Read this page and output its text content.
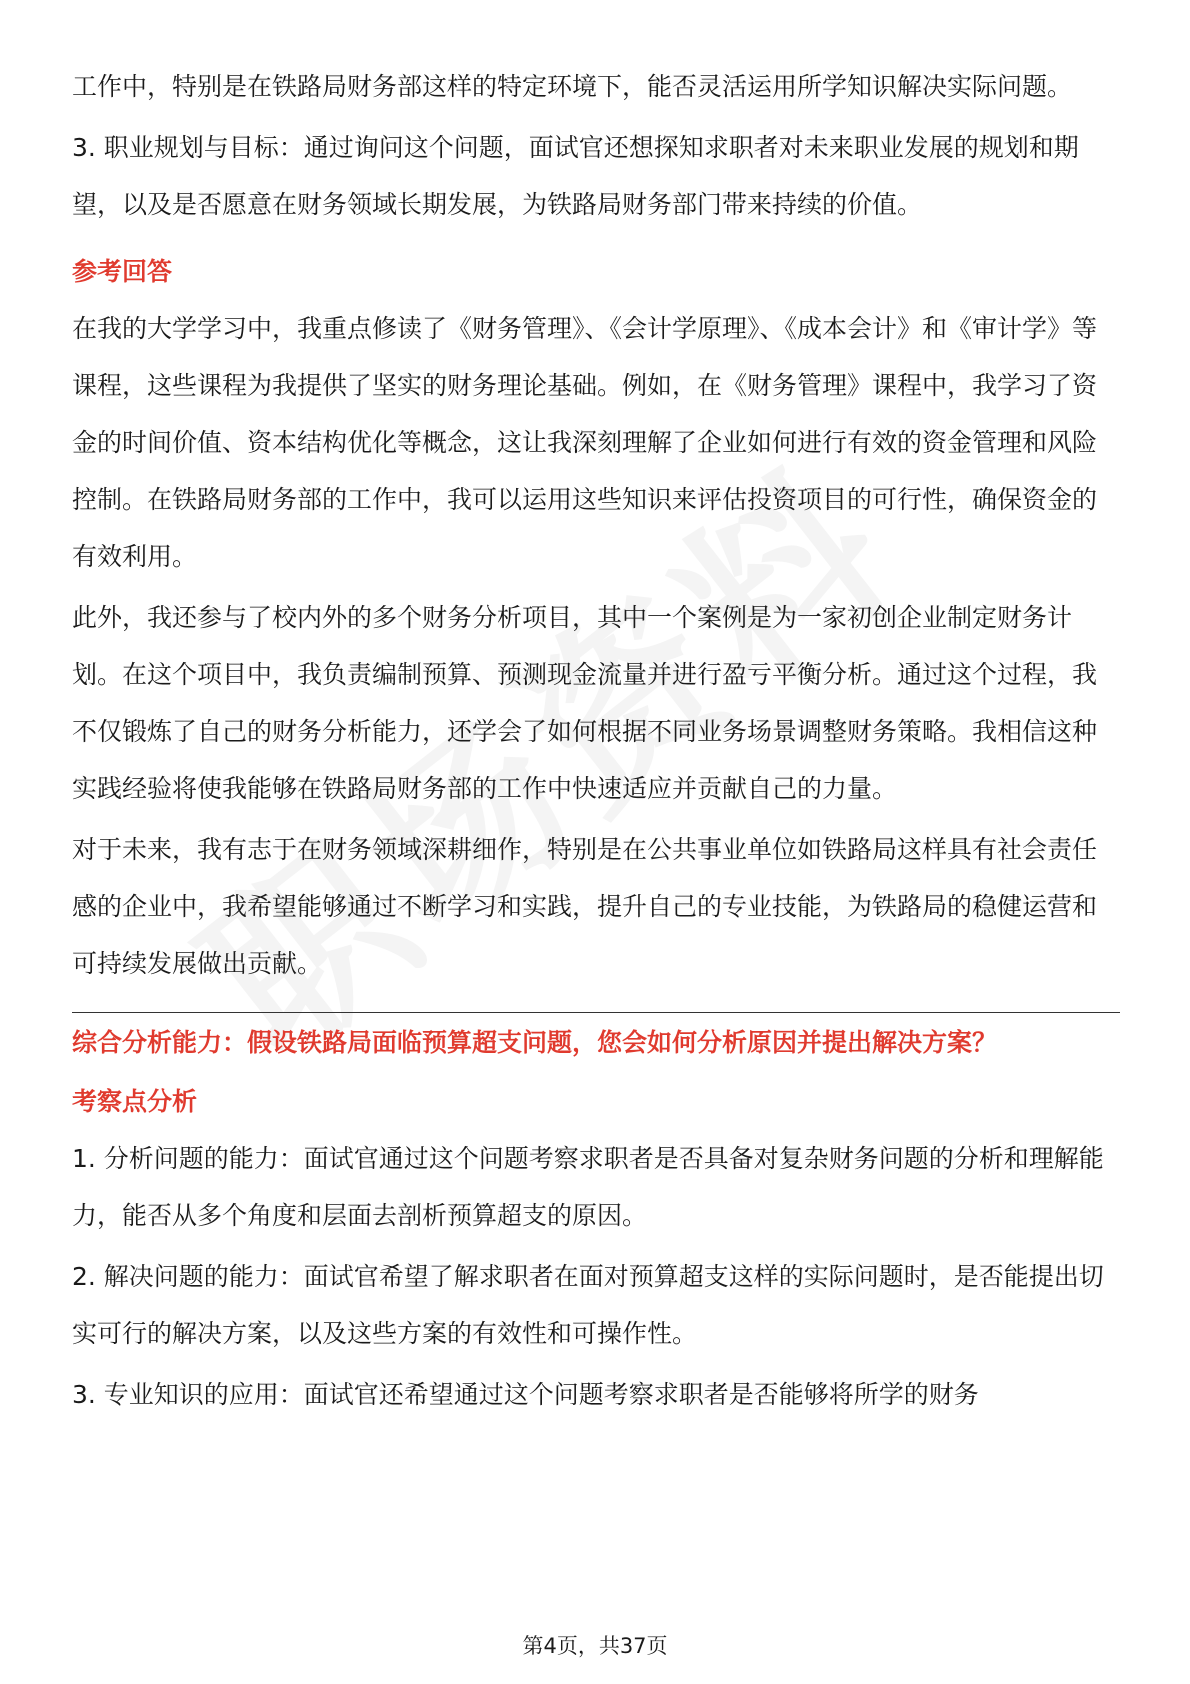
工作中，特别是在铁路局财务部这样的特定环境下，能否灵活运用所学知识解决实际问题。

3. 职业规划与目标：通过询问这个问题，面试官还想探知求职者对未来职业发展的规划和期望，以及是否愿意在财务领域长期发展，为铁路局财务部门带来持续的价值。

参考回答

在我的大学学习中，我重点修读了《财务管理》、《会计学原理》、《成本会计》和《审计学》等课程，这些课程为我提供了坚实的财务理论基础。例如，在《财务管理》课程中，我学习了资金的时间价值、资本结构优化等概念，这让我深刻理解了企业如何进行有效的资金管理和风险控制。在铁路局财务部的工作中，我可以运用这些知识来评估投资项目的可行性，确保资金的有效利用。

此外，我还参与了校内外的多个财务分析项目，其中一个案例是为一家初创企业制定财务计划。在这个项目中，我负责编制预算、预测现金流量并进行盈亏平衡分析。通过这个过程，我不仅锻炼了自己的财务分析能力，还学会了如何根据不同业务场景调整财务策略。我相信这种实践经验将使我能够在铁路局财务部的工作中快速适应并贡献自己的力量。

对于未来，我有志于在财务领域深耕细作，特别是在公共事业单位如铁路局这样具有社会责任感的企业中，我希望能够通过不断学习和实践，提升自己的专业技能，为铁路局的稳健运营和可持续发展做出贡献。

综合分析能力：假设铁路局面临预算超支问题，您会如何分析原因并提出解决方案？
考察点分析

1. 分析问题的能力：面试官通过这个问题考察求职者是否具备对复杂财务问题的分析和理解能力，能否从多个角度和层面去剖析预算超支的原因。

2. 解决问题的能力：面试官希望了解求职者在面对预算超支这样的实际问题时，是否能提出切实可行的解决方案，以及这些方案的有效性和可操作性。

3. 专业知识的应用：面试官还希望通过这个问题考察求职者是否能够将所学的财务

第4页，共37页
